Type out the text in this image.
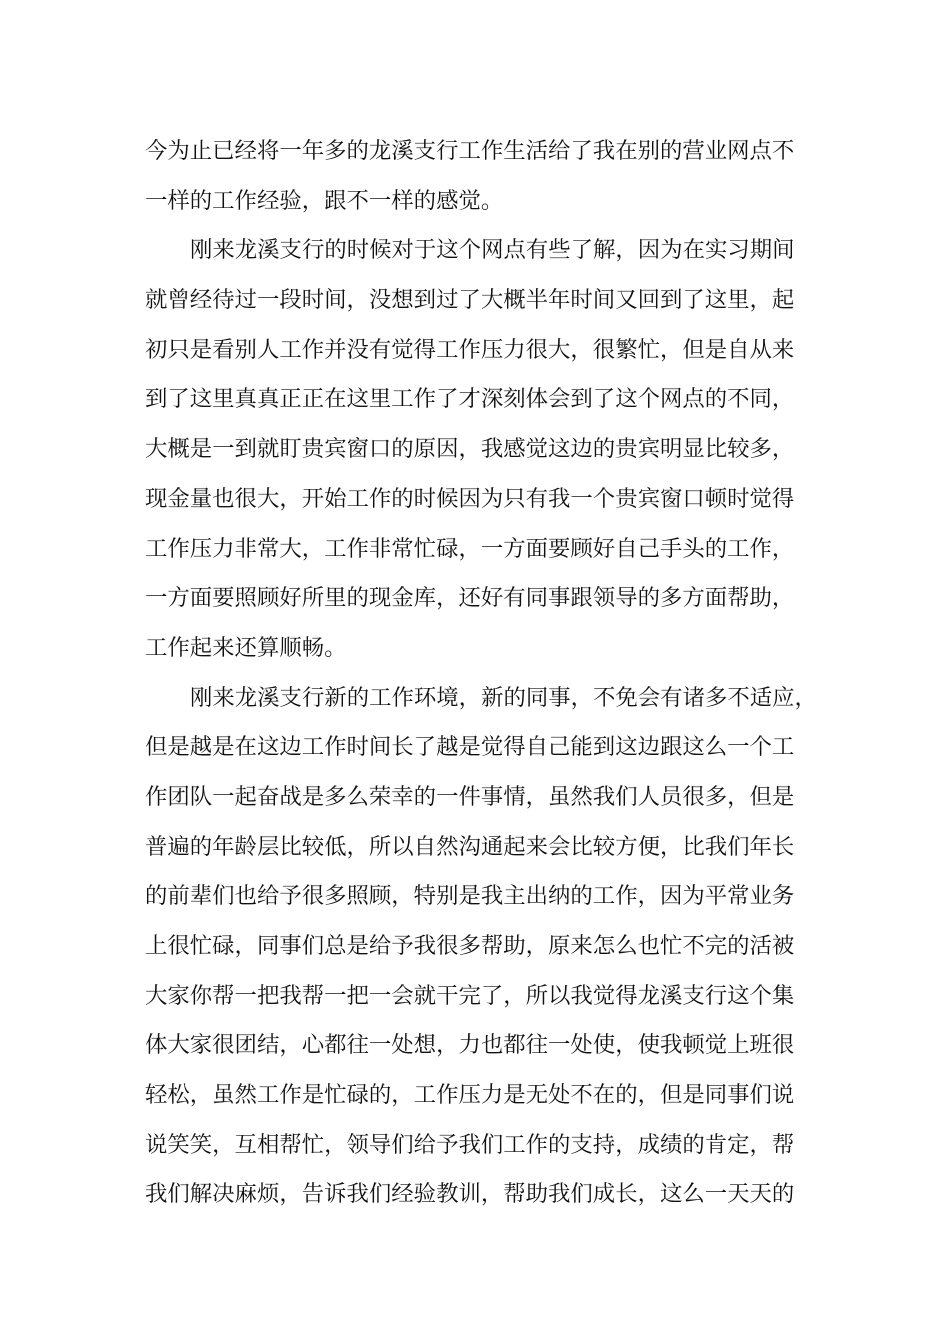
今为止已经将一年多的龙溪支行工作生活给了我在别的营业网点不
一样的工作经验，跟不一样的感觉。
刚来龙溪支行的时候对于这个网点有些了解，因为在实习期间
就曾经待过一段时间，没想到过了大概半年时间又回到了这里，起
初只是看别人工作并没有觉得工作压力很大，很繁忙，但是自从来
到了这里真真正正在这里工作了才深刻体会到了这个网点的不同，
大概是一到就盯贵宾窗口的原因，我感觉这边的贵宾明显比较多，
现金量也很大，开始工作的时候因为只有我一个贵宾窗口顿时觉得
工作压力非常大，工作非常忙碌，一方面要顾好自己手头的工作，
一方面要照顾好所里的现金库，还好有同事跟领导的多方面帮助，
工作起来还算顺畅。
刚来龙溪支行新的工作环境，新的同事，不免会有诸多不适应，
但是越是在这边工作时间长了越是觉得自己能到这边跟这么一个工
作团队一起奋战是多么荣幸的一件事情，虽然我们人员很多，但是
普遍的年龄层比较低，所以自然沟通起来会比较方便，比我们年长
的前辈们也给予很多照顾，特别是我主出纳的工作，因为平常业务
上很忙碌，同事们总是给予我很多帮助，原来怎么也忙不完的活被
大家你帮一把我帮一把一会就干完了，所以我觉得龙溪支行这个集
体大家很团结，心都往一处想，力也都往一处使，使我顿觉上班很
轻松，虽然工作是忙碌的，工作压力是无处不在的，但是同事们说
说笑笑，互相帮忙，领导们给予我们工作的支持，成绩的肯定，帮
我们解决麻烦，告诉我们经验教训，帮助我们成长，这么一天天的
